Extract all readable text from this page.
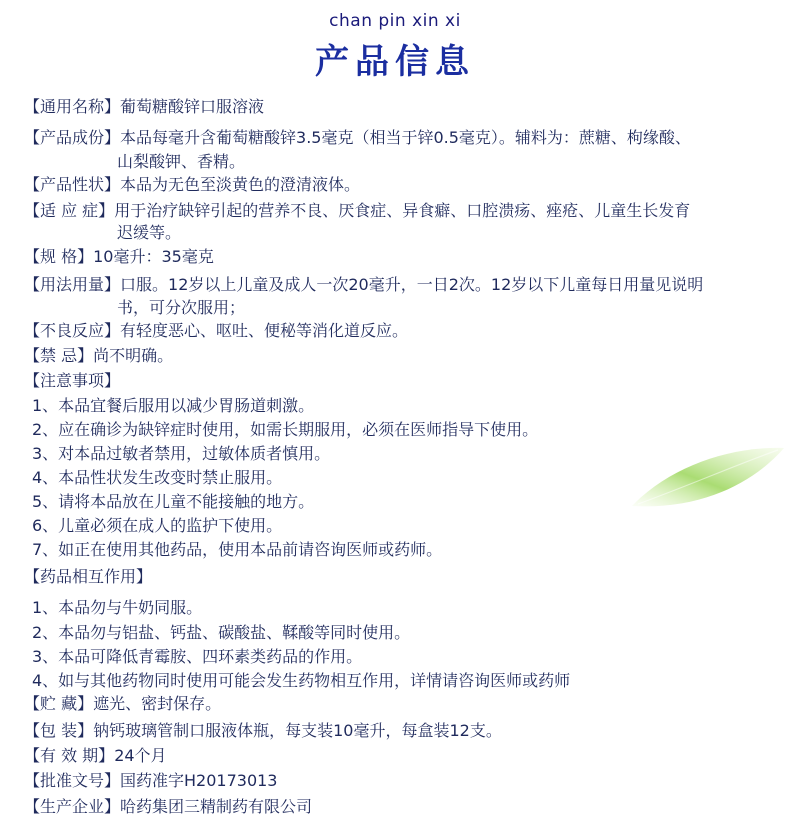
chan pin xin xi
产品信息
【通用名称】葡萄糖酸锌口服溶液
【产品成份】本品每毫升含葡萄糖酸锌3.5毫克（相当于锌0.5毫克）。辅料为：蔗糖、枸缘酸、
山梨酸钾、香精。
【产品性状】本品为无色至淡黄色的澄清液体。
【适 应 症】用于治疗缺锌引起的营养不良、厌食症、异食癖、口腔溃疡、痤疮、儿童生长发育
迟缓等。
【规 格】10毫升：35毫克
【用法用量】口服。12岁以上儿童及成人一次20毫升，一日2次。12岁以下儿童每日用量见说明
书，可分次服用；
【不良反应】有轻度恶心、呕吐、便秘等消化道反应。
【禁 忌】尚不明确。
【注意事项】
1、本品宜餐后服用以减少胃肠道刺激。
2、应在确诊为缺锌症时使用，如需长期服用，必须在医师指导下使用。
3、对本品过敏者禁用，过敏体质者慎用。
4、本品性状发生改变时禁止服用。
5、请将本品放在儿童不能接触的地方。
6、儿童必须在成人的监护下使用。
7、如正在使用其他药品，使用本品前请咨询医师或药师。
【药品相互作用】
1、本品勿与牛奶同服。
2、本品勿与铝盐、钙盐、碳酸盐、鞣酸等同时使用。
3、本品可降低青霉胺、四环素类药品的作用。
4、如与其他药物同时使用可能会发生药物相互作用，详情请咨询医师或药师
【贮 藏】遮光、密封保存。
【包 装】钠钙玻璃管制口服液体瓶，每支装10毫升，每盒装12支。
【有 效 期】24个月
【批准文号】国药准字H20173013
【生产企业】哈药集团三精制药有限公司
